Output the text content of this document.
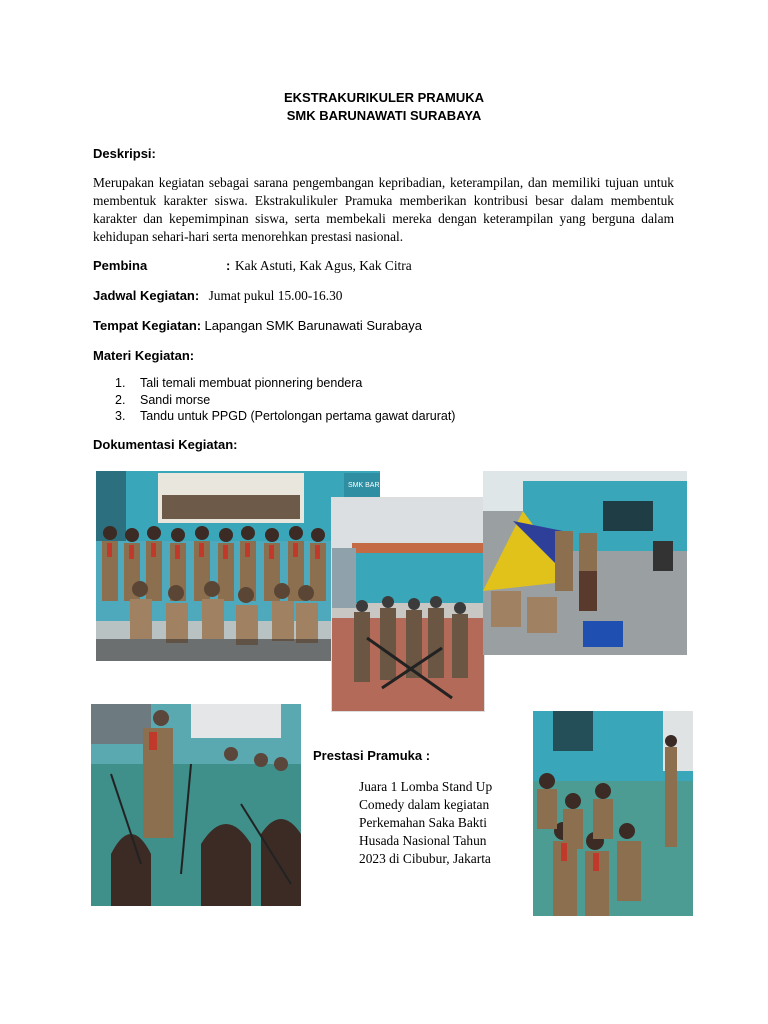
EKSTRAKURIKULER PRAMUKA
SMK BARUNAWATI SURABAYA
Deskripsi:
Merupakan kegiatan sebagai sarana pengembangan kepribadian, keterampilan, dan memiliki tujuan untuk membentuk karakter siswa. Ekstrakulikuler Pramuka memberikan kontribusi besar dalam membentuk karakter dan kepemimpinan siswa, serta membekali mereka dengan keterampilan yang berguna dalam kehidupan sehari-hari serta menorehkan prestasi nasional.
Pembina	: Kak Astuti, Kak Agus, Kak Citra
Jadwal Kegiatan: Jumat pukul 15.00-16.30
Tempat Kegiatan: Lapangan SMK Barunawati Surabaya
Materi Kegiatan:
1. Tali temali membuat pionnering bendera
2. Sandi morse
3. Tandu untuk PPGD (Pertolongan pertama gawat darurat)
Dokumentasi Kegiatan:
SMK BARUN
Prestasi Pramuka :
Juara 1 Lomba Stand Up
Comedy dalam kegiatan
Perkemahan Saka Bakti
Husada Nasional Tahun
2023 di Cibubur, Jakarta
